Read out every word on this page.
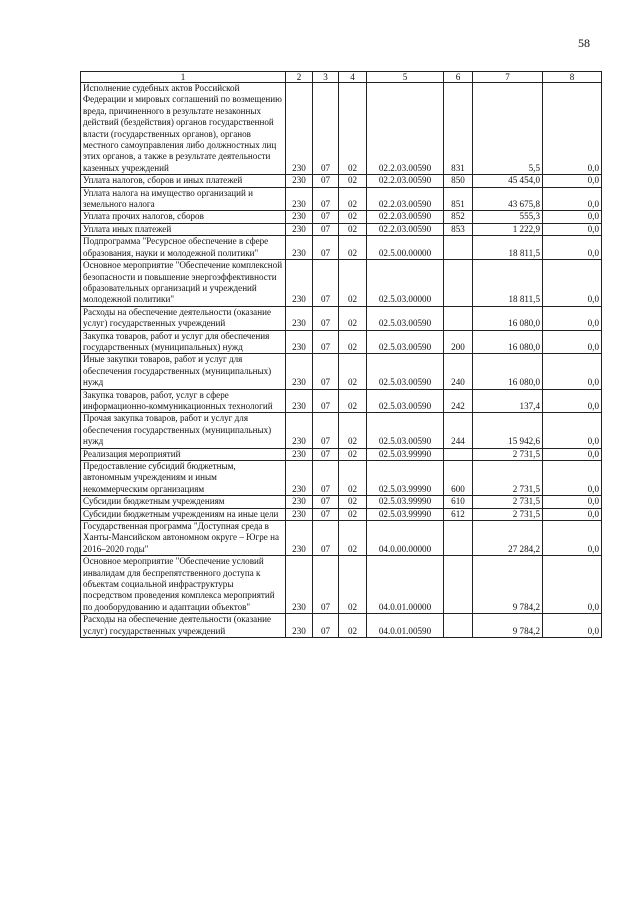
58
1	2	3	4	5	6	7	8
Исполнение судебных актов Российской Федерации и мировых соглашений по возмещению вреда, причиненного в результате незаконных действий (бездействия) органов государственной власти (государственных органов), органов местного самоуправления либо должностных лиц этих органов, а также в результате деятельности казенных учреждений	230	07	02	02.2.03.00590	831	5,5	0,0
Уплата налогов, сборов и иных платежей	230	07	02	02.2.03.00590	850	45 454,0	0,0
Уплата налога на имущество организаций и земельного налога	230	07	02	02.2.03.00590	851	43 675,8	0,0
Уплата прочих налогов, сборов	230	07	02	02.2.03.00590	852	555,3	0,0
Уплата иных платежей	230	07	02	02.2.03.00590	853	1 222,9	0,0
Подпрограмма "Ресурсное обеспечение в сфере образования, науки и молодежной политики"	230	07	02	02.5.00.00000		18 811,5	0,0
Основное мероприятие "Обеспечение комплексной безопасности и повышение энергоэффективности образовательных организаций и учреждений молодежной политики"	230	07	02	02.5.03.00000		18 811,5	0,0
Расходы на обеспечение деятельности (оказание услуг) государственных учреждений	230	07	02	02.5.03.00590		16 080,0	0,0
Закупка товаров, работ и услуг для обеспечения государственных (муниципальных) нужд	230	07	02	02.5.03.00590	200	16 080,0	0,0
Иные закупки товаров, работ и услуг для обеспечения государственных (муниципальных) нужд	230	07	02	02.5.03.00590	240	16 080,0	0,0
Закупка товаров, работ, услуг в сфере информационно-коммуникационных технологий	230	07	02	02.5.03.00590	242	137,4	0,0
Прочая закупка товаров, работ и услуг для обеспечения государственных (муниципальных) нужд	230	07	02	02.5.03.00590	244	15 942,6	0,0
Реализация мероприятий	230	07	02	02.5.03.99990		2 731,5	0,0
Предоставление субсидий бюджетным, автономным учреждениям и иным некоммерческим организациям	230	07	02	02.5.03.99990	600	2 731,5	0,0
Субсидии бюджетным учреждениям	230	07	02	02.5.03.99990	610	2 731,5	0,0
Субсидии бюджетным учреждениям на иные цели	230	07	02	02.5.03.99990	612	2 731,5	0,0
Государственная программа "Доступная среда в Ханты-Мансийском автономном округе – Югре на 2016–2020 годы"	230	07	02	04.0.00.00000		27 284,2	0,0
Основное мероприятие "Обеспечение условий инвалидам для беспрепятственного доступа к объектам социальной инфраструктуры посредством проведения комплекса мероприятий по дооборудованию и адаптации объектов"	230	07	02	04.0.01.00000		9 784,2	0,0
Расходы на обеспечение деятельности (оказание услуг) государственных учреждений	230	07	02	04.0.01.00590		9 784,2	0,0
